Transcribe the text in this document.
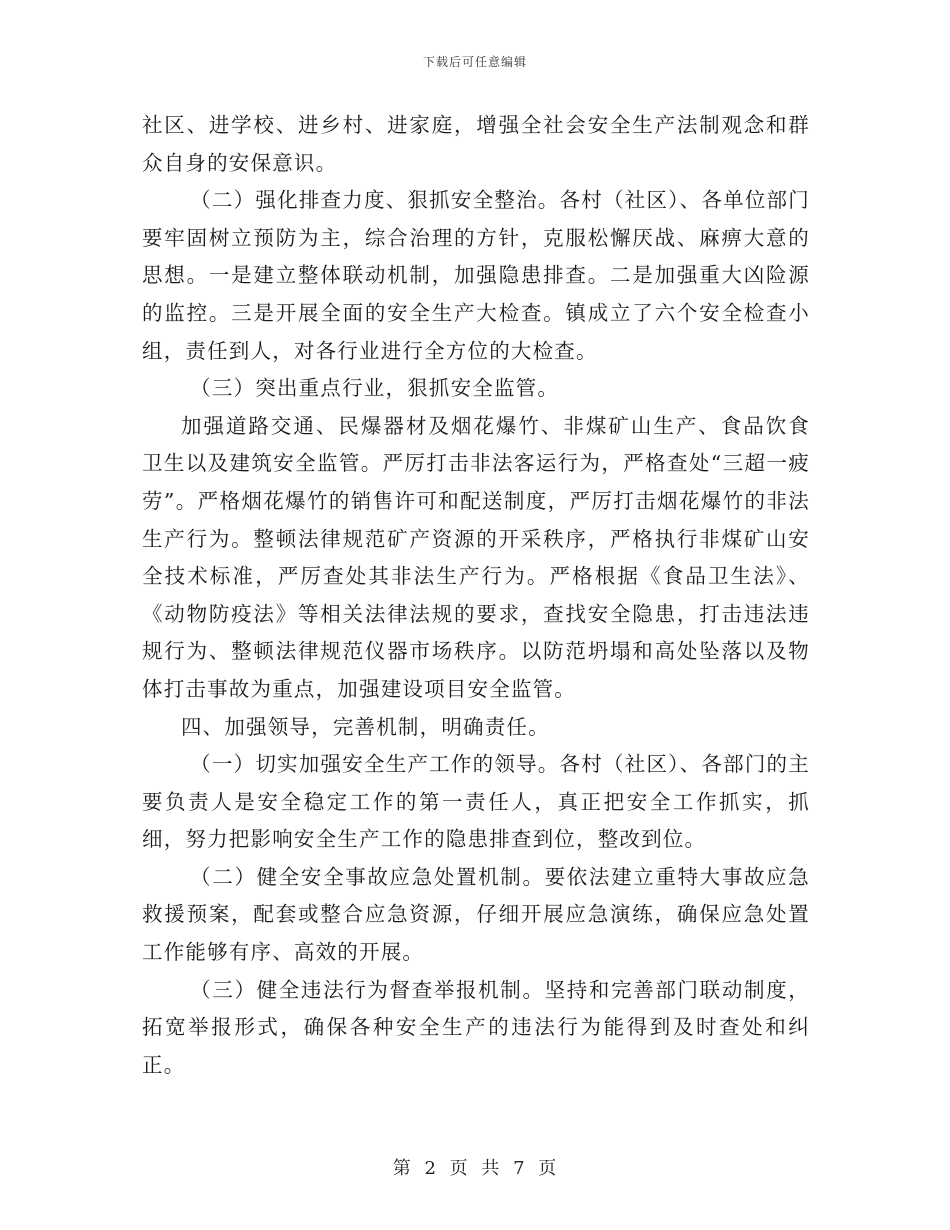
下载后可任意编辑

社区、进学校、进乡村、进家庭，增强全社会安全生产法制观念和群众自身的安保意识。

（二）强化排查力度、狠抓安全整治。各村（社区）、各单位部门要牢固树立预防为主，综合治理的方针，克服松懈厌战、麻痹大意的思想。一是建立整体联动机制，加强隐患排查。二是加强重大凶险源的监控。三是开展全面的安全生产大检查。镇成立了六个安全检查小组，责任到人，对各行业进行全方位的大检查。

（三）突出重点行业，狠抓安全监管。

加强道路交通、民爆器材及烟花爆竹、非煤矿山生产、食品饮食卫生以及建筑安全监管。严厉打击非法客运行为，严格查处“三超一疲劳”。严格烟花爆竹的销售许可和配送制度，严厉打击烟花爆竹的非法生产行为。整顿法律规范矿产资源的开采秩序，严格执行非煤矿山安全技术标准，严厉查处其非法生产行为。严格根据《食品卫生法》、《动物防疫法》等相关法律法规的要求，查找安全隐患，打击违法违规行为、整顿法律规范仪器市场秩序。以防范坍塌和高处坠落以及物体打击事故为重点，加强建设项目安全监管。

四、加强领导，完善机制，明确责任。

（一）切实加强安全生产工作的领导。各村（社区）、各部门的主要负责人是安全稳定工作的第一责任人，真正把安全工作抓实，抓细，努力把影响安全生产工作的隐患排查到位，整改到位。

（二）健全安全事故应急处置机制。要依法建立重特大事故应急救援预案，配套或整合应急资源，仔细开展应急演练，确保应急处置工作能够有序、高效的开展。

（三）健全违法行为督查举报机制。坚持和完善部门联动制度，拓宽举报形式，确保各种安全生产的违法行为能得到及时查处和纠正。

第 2 页 共 7 页
